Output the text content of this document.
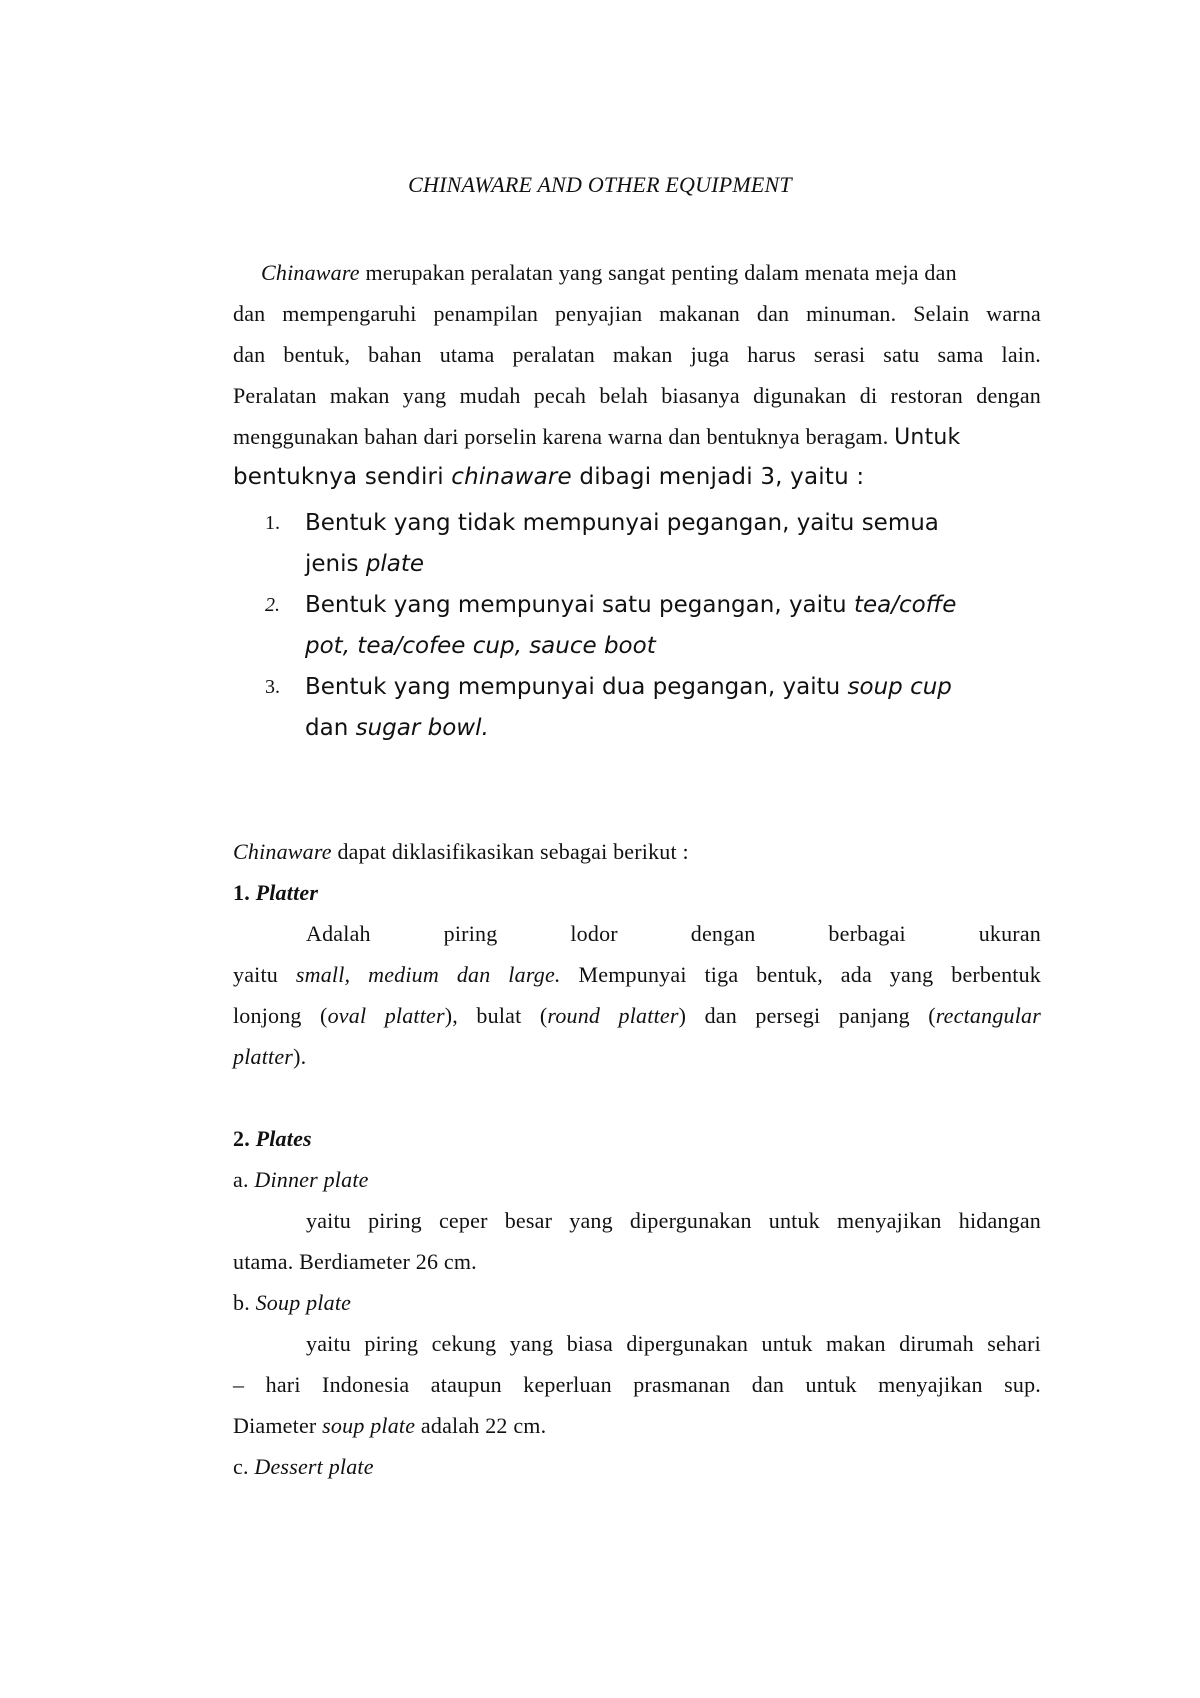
CHINAWARE AND OTHER EQUIPMENT
Chinaware merupakan peralatan yang sangat penting dalam menata meja dan
dan mempengaruhi penampilan penyajian makanan dan minuman. Selain warna
dan bentuk, bahan utama peralatan makan juga harus serasi satu sama lain.
Peralatan makan yang mudah pecah belah biasanya digunakan di restoran dengan
menggunakan bahan dari porselin karena warna dan bentuknya beragam. Untuk
bentuknya sendiri chinaware dibagi menjadi 3, yaitu :
1. Bentuk yang tidak mempunyai pegangan, yaitu semua
jenis plate
2. Bentuk yang mempunyai satu pegangan, yaitu tea/coffe
pot, tea/cofee cup, sauce boot
3. Bentuk yang mempunyai dua pegangan, yaitu soup cup
dan sugar bowl.
Chinaware dapat diklasifikasikan sebagai berikut :
1. Platter
Adalah piring lodor dengan berbagai ukuran
yaitu small, medium dan large. Mempunyai tiga bentuk, ada yang berbentuk
lonjong (oval platter), bulat (round platter) dan persegi panjang (rectangular
platter).
2. Plates
a. Dinner plate
yaitu piring ceper besar yang dipergunakan untuk menyajikan hidangan
utama. Berdiameter 26 cm.
b. Soup plate
yaitu piring cekung yang biasa dipergunakan untuk makan dirumah sehari
– hari Indonesia ataupun keperluan prasmanan dan untuk menyajikan sup.
Diameter soup plate adalah 22 cm.
c. Dessert plate
